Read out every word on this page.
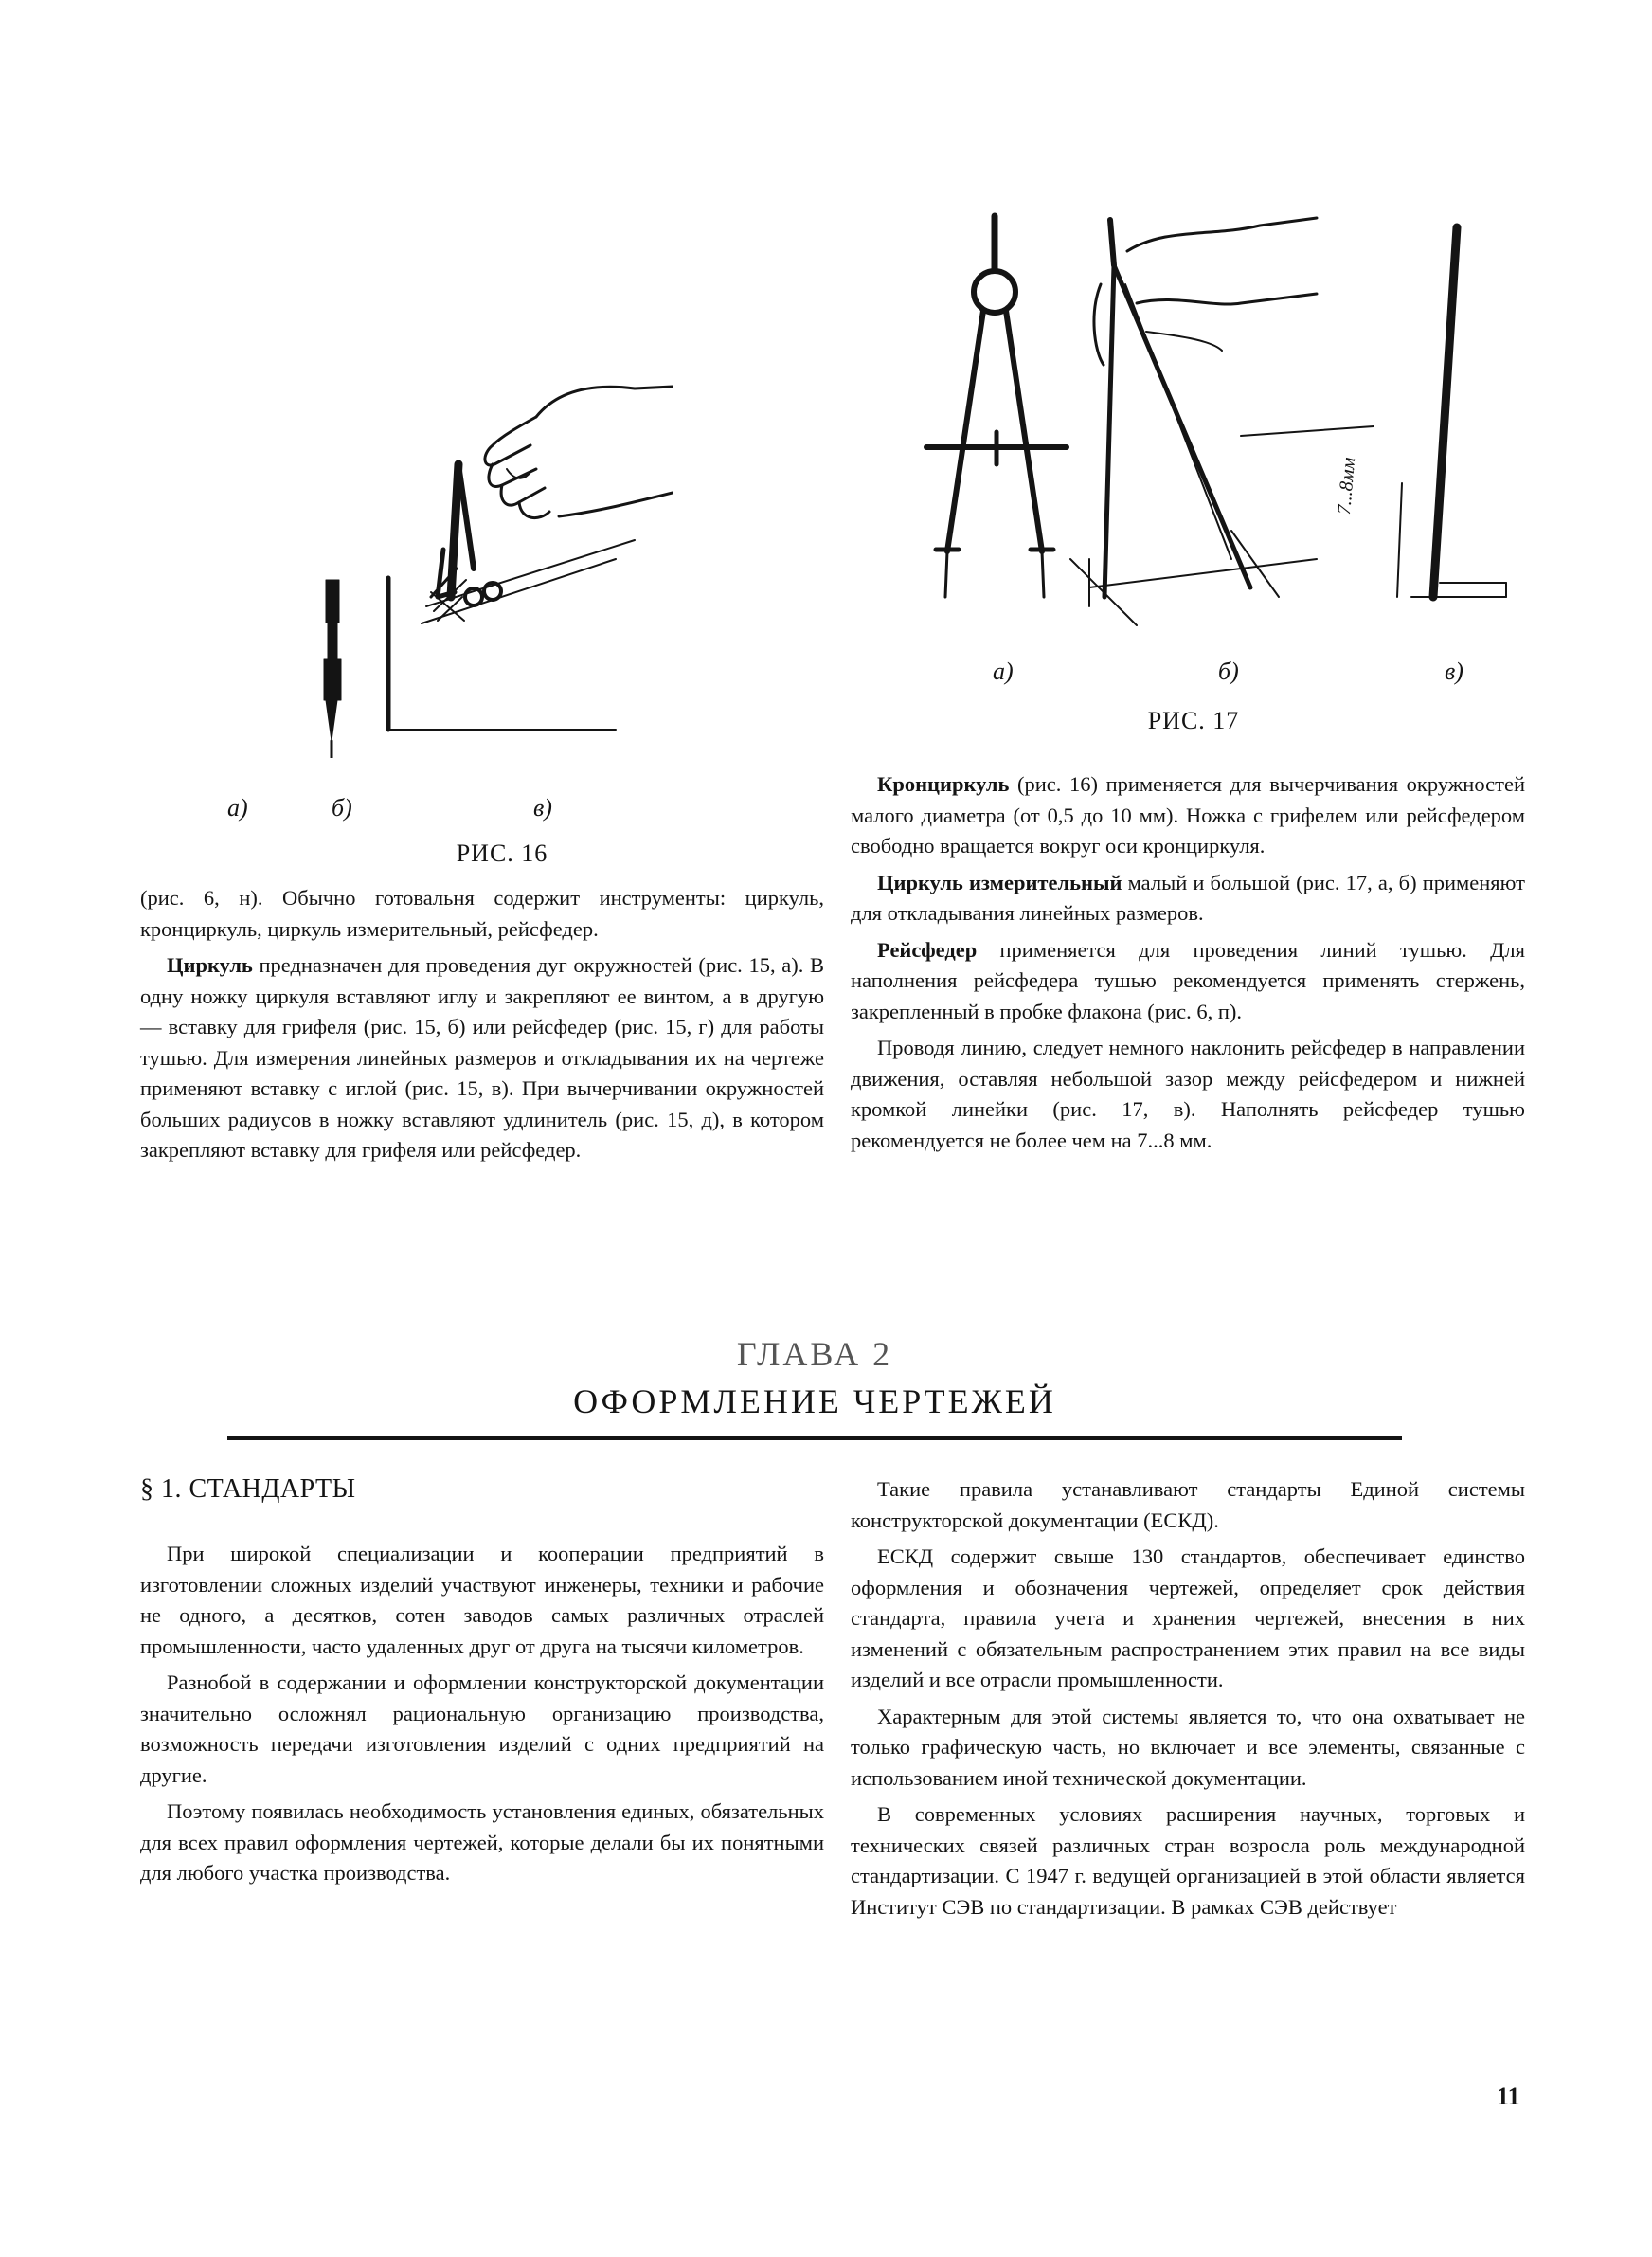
а)	б)	в)
РИС. 16
7...8мм
а)	б)	в)
РИС. 17

(рис. 6, н). Обычно готовальня содержит инструменты: циркуль, кронциркуль, циркуль измерительный, рейсфедер.

Циркуль предназначен для проведения дуг окружностей (рис. 15, а). В одну ножку циркуля вставляют иглу и закрепляют ее винтом, а в другую — вставку для грифеля (рис. 15, б) или рейсфедер (рис. 15, г) для работы тушью. Для измерения линейных размеров и откладывания их на чертеже применяют вставку с иглой (рис. 15, в). При вычерчивании окружностей больших радиусов в ножку вставляют удлинитель (рис. 15, д), в котором закрепляют вставку для грифеля или рейсфедер.

Кронциркуль (рис. 16) применяется для вычерчивания окружностей малого диаметра (от 0,5 до 10 мм). Ножка с грифелем или рейсфедером свободно вращается вокруг оси кронциркуля.

Циркуль измерительный малый и большой (рис. 17, а, б) применяют для откладывания линейных размеров.

Рейсфедер применяется для проведения линий тушью. Для наполнения рейсфедера тушью рекомендуется применять стержень, закрепленный в пробке флакона (рис. 6, п).

Проводя линию, следует немного наклонить рейсфедер в направлении движения, оставляя небольшой зазор между рейсфедером и нижней кромкой линейки (рис. 17, в). Наполнять рейсфедер тушью рекомендуется не более чем на 7...8 мм.

ГЛАВА 2
ОФОРМЛЕНИЕ ЧЕРТЕЖЕЙ
§ 1. СТАНДАРТЫ

При широкой специализации и кооперации предприятий в изготовлении сложных изделий участвуют инженеры, техники и рабочие не одного, а десятков, сотен заводов самых различных отраслей промышленности, часто удаленных друг от друга на тысячи километров.

Разнобой в содержании и оформлении конструкторской документации значительно осложнял рациональную организацию производства, возможность передачи изготовления изделий с одних предприятий на другие.

Поэтому появилась необходимость установления единых, обязательных для всех правил оформления чертежей, которые делали бы их понятными для любого участка производства.

Такие правила устанавливают стандарты Единой системы конструкторской документации (ЕСКД).

ЕСКД содержит свыше 130 стандартов, обеспечивает единство оформления и обозначения чертежей, определяет срок действия стандарта, правила учета и хранения чертежей, внесения в них изменений с обязательным распространением этих правил на все виды изделий и все отрасли промышленности.

Характерным для этой системы является то, что она охватывает не только графическую часть, но включает и все элементы, связанные с использованием иной технической документации.

В современных условиях расширения научных, торговых и технических связей различных стран возросла роль международной стандартизации. С 1947 г. ведущей организацией в этой области является Институт СЭВ по стандартизации. В рамках СЭВ действует

11
